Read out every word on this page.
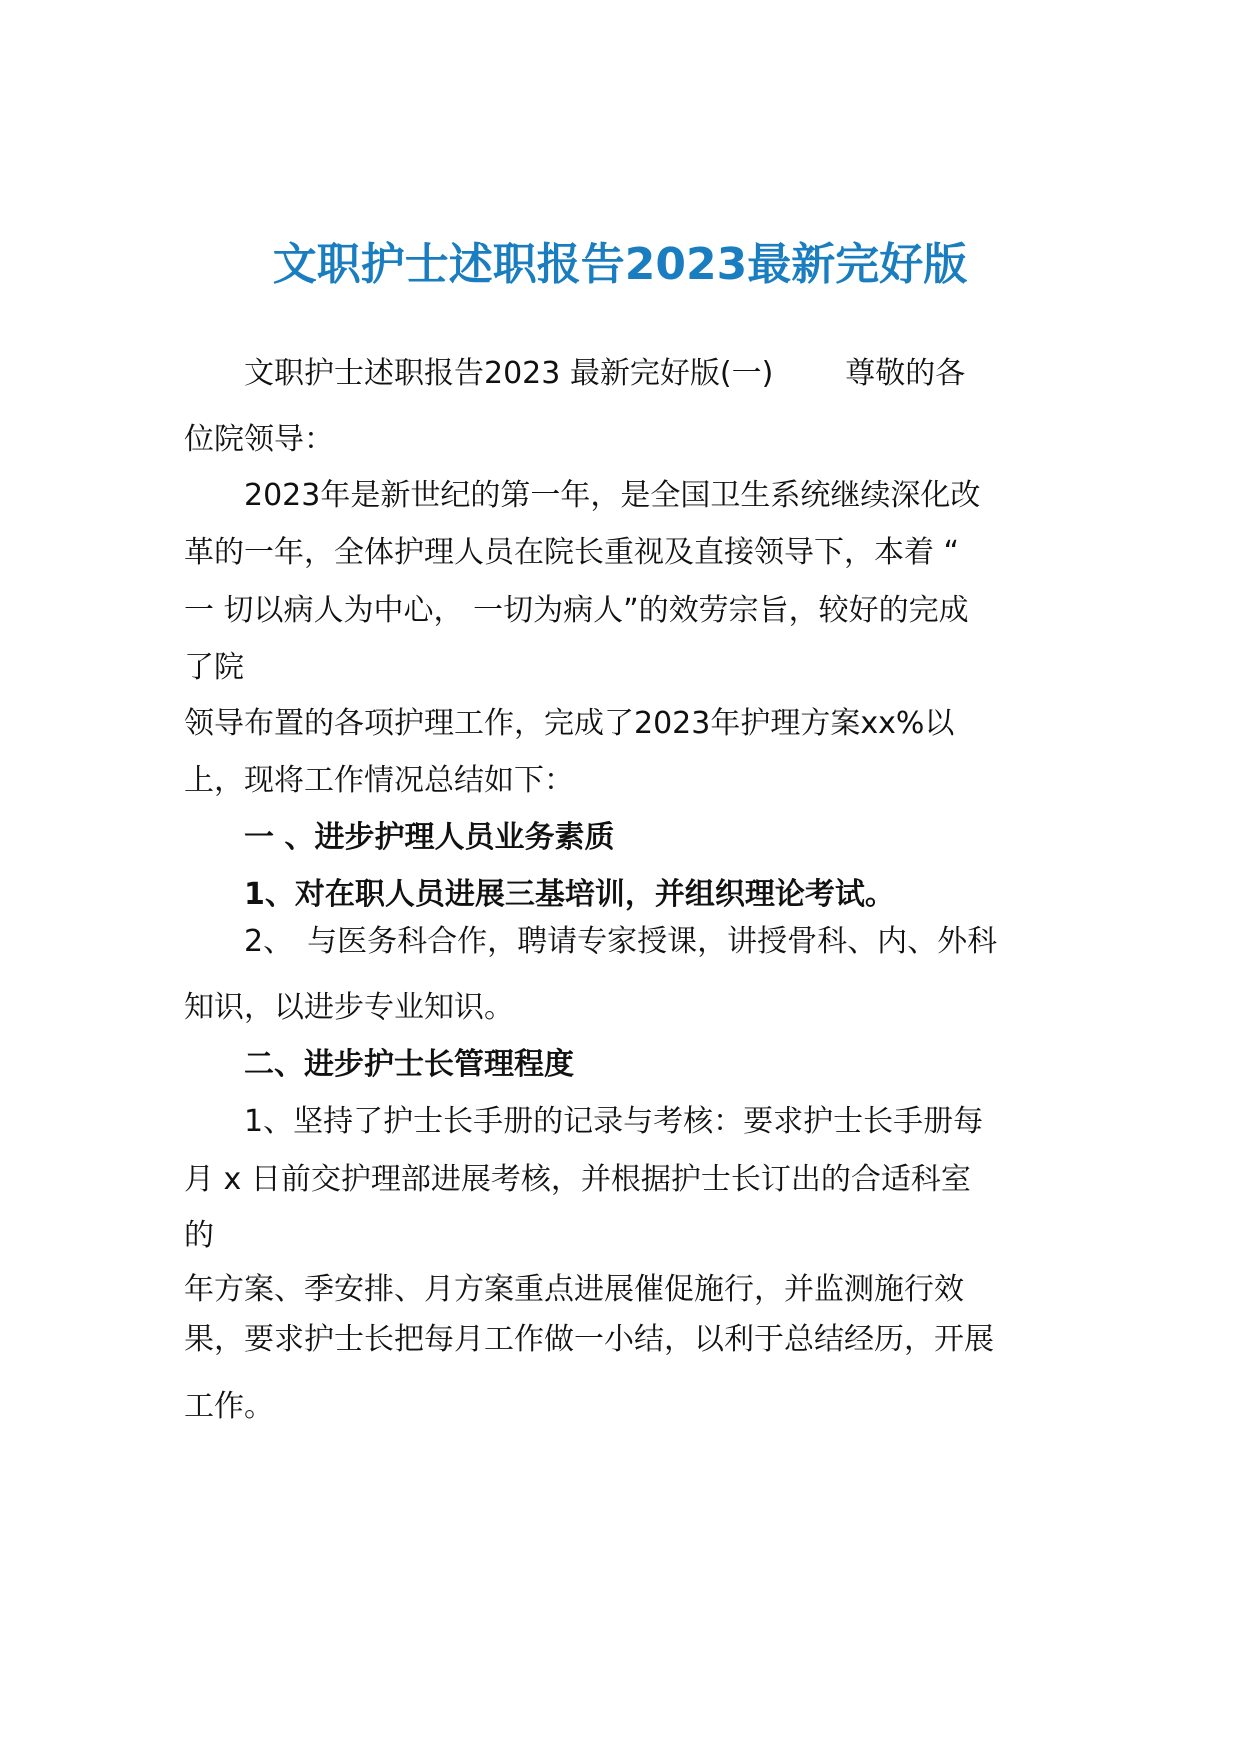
文职护士述职报告2023最新完好版
文职护士述职报告2023 最新完好版(一) 尊敬的各
位院领导：
2023年是新世纪的第一年，是全国卫生系统继续深化改
革的一年，全体护理人员在院长重视及直接领导下，本着 “
一 切以病人为中心， 一切为病人”的效劳宗旨，较好的完成
了院
领导布置的各项护理工作，完成了2023年护理方案xx%以
上，现将工作情况总结如下：
一 、进步护理人员业务素质
1、对在职人员进展三基培训，并组织理论考试。
2、 与医务科合作，聘请专家授课，讲授骨科、内、外科
知识，以进步专业知识。
二、进步护士长管理程度
1、坚持了护士长手册的记录与考核：要求护士长手册每
月 x 日前交护理部进展考核，并根据护士长订出的合适科室
的
年方案、季安排、月方案重点进展催促施行，并监测施行效
果，要求护士长把每月工作做一小结，以利于总结经历，开展
工作。
